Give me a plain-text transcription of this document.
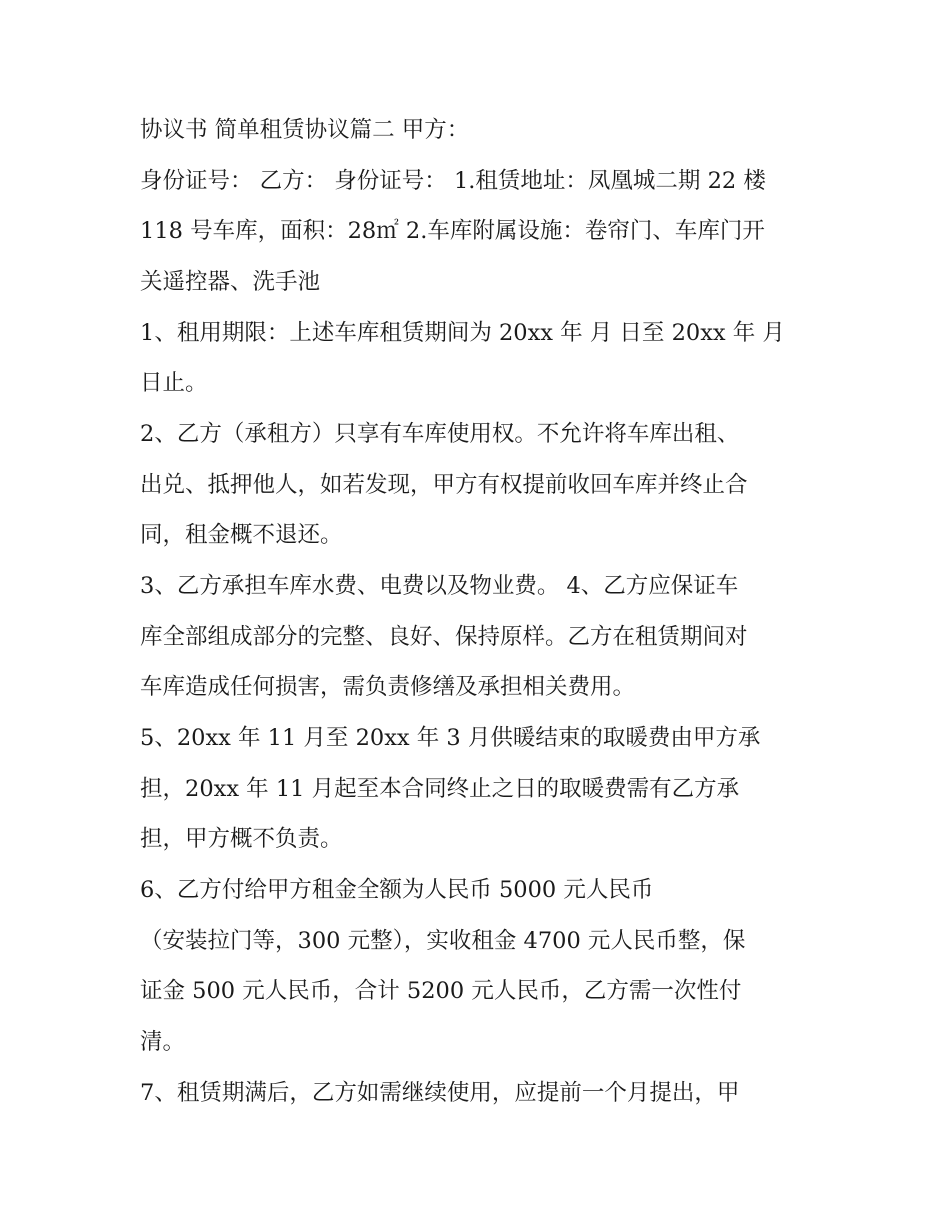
协议书 简单租赁协议篇二 甲方：
身份证号： 乙方： 身份证号： 1.租赁地址：凤凰城二期 22 楼
118 号车库，面积：28㎡ 2.车库附属设施：卷帘门、车库门开
关遥控器、洗手池
1、租用期限：上述车库租赁期间为 20xx 年 月 日至 20xx 年 月
日止。
2、乙方（承租方）只享有车库使用权。不允许将车库出租、
出兑、抵押他人，如若发现，甲方有权提前收回车库并终止合
同，租金概不退还。
3、乙方承担车库水费、电费以及物业费。 4、乙方应保证车
库全部组成部分的完整、良好、保持原样。乙方在租赁期间对
车库造成任何损害，需负责修缮及承担相关费用。
5、20xx 年 11 月至 20xx 年 3 月供暖结束的取暖费由甲方承
担，20xx 年 11 月起至本合同终止之日的取暖费需有乙方承
担，甲方概不负责。
6、乙方付给甲方租金全额为人民币 5000 元人民币
（安装拉门等，300 元整），实收租金 4700 元人民币整，保
证金 500 元人民币，合计 5200 元人民币，乙方需一次性付
清。
7、租赁期满后，乙方如需继续使用，应提前一个月提出，甲
